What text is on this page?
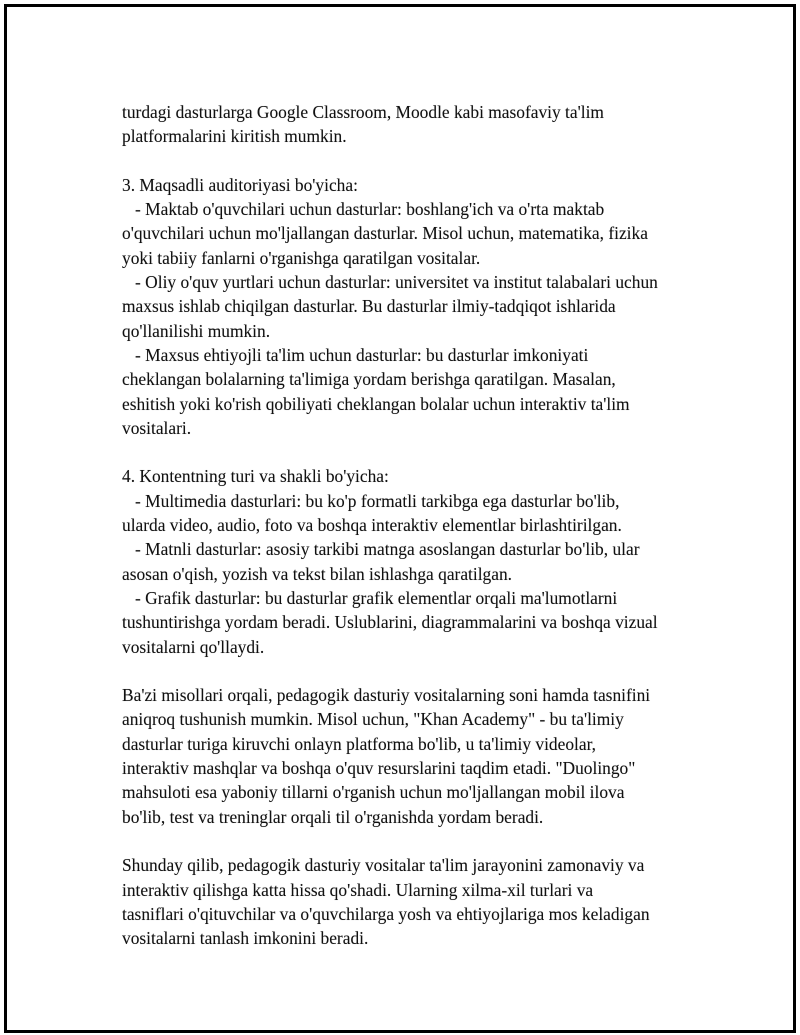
turdagi dasturlarga Google Classroom, Moodle kabi masofaviy ta'lim
platformalarini kiritish mumkin.
3. Maqsadli auditoriyasi bo'yicha:
- Maktab o'quvchilari uchun dasturlar: boshlang'ich va o'rta maktab
o'quvchilari uchun mo'ljallangan dasturlar. Misol uchun, matematika, fizika
yoki tabiiy fanlarni o'rganishga qaratilgan vositalar.
- Oliy o'quv yurtlari uchun dasturlar: universitet va institut talabalari uchun
maxsus ishlab chiqilgan dasturlar. Bu dasturlar ilmiy-tadqiqot ishlarida
qo'llanilishi mumkin.
- Maxsus ehtiyojli ta'lim uchun dasturlar: bu dasturlar imkoniyati
cheklangan bolalarning ta'limiga yordam berishga qaratilgan. Masalan,
eshitish yoki ko'rish qobiliyati cheklangan bolalar uchun interaktiv ta'lim
vositalari.
4. Kontentning turi va shakli bo'yicha:
- Multimedia dasturlari: bu ko'p formatli tarkibga ega dasturlar bo'lib,
ularda video, audio, foto va boshqa interaktiv elementlar birlashtirilgan.
- Matnli dasturlar: asosiy tarkibi matnga asoslangan dasturlar bo'lib, ular
asosan o'qish, yozish va tekst bilan ishlashga qaratilgan.
- Grafik dasturlar: bu dasturlar grafik elementlar orqali ma'lumotlarni
tushuntirishga yordam beradi. Uslublarini, diagrammalarini va boshqa vizual
vositalarni qo'llaydi.
Ba'zi misollari orqali, pedagogik dasturiy vositalarning soni hamda tasnifini
aniqroq tushunish mumkin. Misol uchun, "Khan Academy" - bu ta'limiy
dasturlar turiga kiruvchi onlayn platforma bo'lib, u ta'limiy videolar,
interaktiv mashqlar va boshqa o'quv resurslarini taqdim etadi. "Duolingo"
mahsuloti esa yaboniy tillarni o'rganish uchun mo'ljallangan mobil ilova
bo'lib, test va treninglar orqali til o'rganishda yordam beradi.
Shunday qilib, pedagogik dasturiy vositalar ta'lim jarayonini zamonaviy va
interaktiv qilishga katta hissa qo'shadi. Ularning xilma-xil turlari va
tasniflari o'qituvchilar va o'quvchilarga yosh va ehtiyojlariga mos keladigan
vositalarni tanlash imkonini beradi.
